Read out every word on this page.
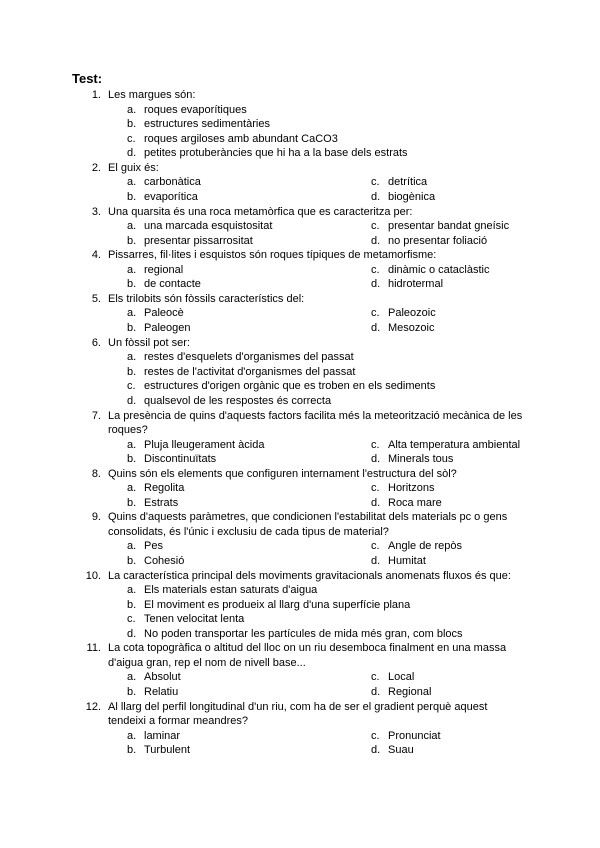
Test:
1. Les margues són:
a. roques evaporítiques
b. estructures sedimentàries
c. roques argiloses amb abundant CaCO3
d. petites protuberàncies que hi ha a la base dels estrats
2. El guix és:
a. carbonàtica	c. detrítica
b. evaporítica	d. biogènica
3. Una quarsita és una roca metamòrfica que es caracteritza per:
a. una marcada esquistositat	c. presentar bandat gneísic
b. presentar pissarrositat	d. no presentar foliació
4. Pissarres, fil·lites i esquistos són roques típiques de metamorfisme:
a. regional	c. dinàmic o cataclàstic
b. de contacte	d. hidrotermal
5. Els trilobits són fòssils característics del:
a. Paleocè	c. Paleozoic
b. Paleogen	d. Mesozoic
6. Un fòssil pot ser:
a. restes d'esquelets d'organismes del passat
b. restes de l'activitat d'organismes del passat
c. estructures d'origen orgànic que es troben en els sediments
d. qualsevol de les respostes és correcta
7. La presència de quins d'aquests factors facilita més la meteorització mecànica de les
roques?
a. Pluja lleugerament àcida	c. Alta temperatura ambiental
b. Discontinuïtats	d. Minerals tous
8. Quins són els elements que configuren internament l'estructura del sòl?
a. Regolita	c. Horitzons
b. Estrats	d. Roca mare
9. Quins d'aquests paràmetres, que condicionen l'estabilitat dels materials pc o gens
consolidats, és l'únic i exclusiu de cada tipus de material?
a. Pes	c. Angle de repòs
b. Cohesió	d. Humitat
10. La característica principal dels moviments gravitacionals anomenats fluxos és que:
a. Els materials estan saturats d'aigua
b. El moviment es produeix al llarg d'una superfície plana
c. Tenen velocitat lenta
d. No poden transportar les partícules de mida més gran, com blocs
11. La cota topogràfica o altitud del lloc on un riu desemboca finalment en una massa
d'aigua gran, rep el nom de nivell base...
a. Absolut	c. Local
b. Relatiu	d. Regional
12. Al llarg del perfil longitudinal d'un riu, com ha de ser el gradient perquè aquest
tendeixi a formar meandres?
a. laminar	c. Pronunciat
b. Turbulent	d. Suau
